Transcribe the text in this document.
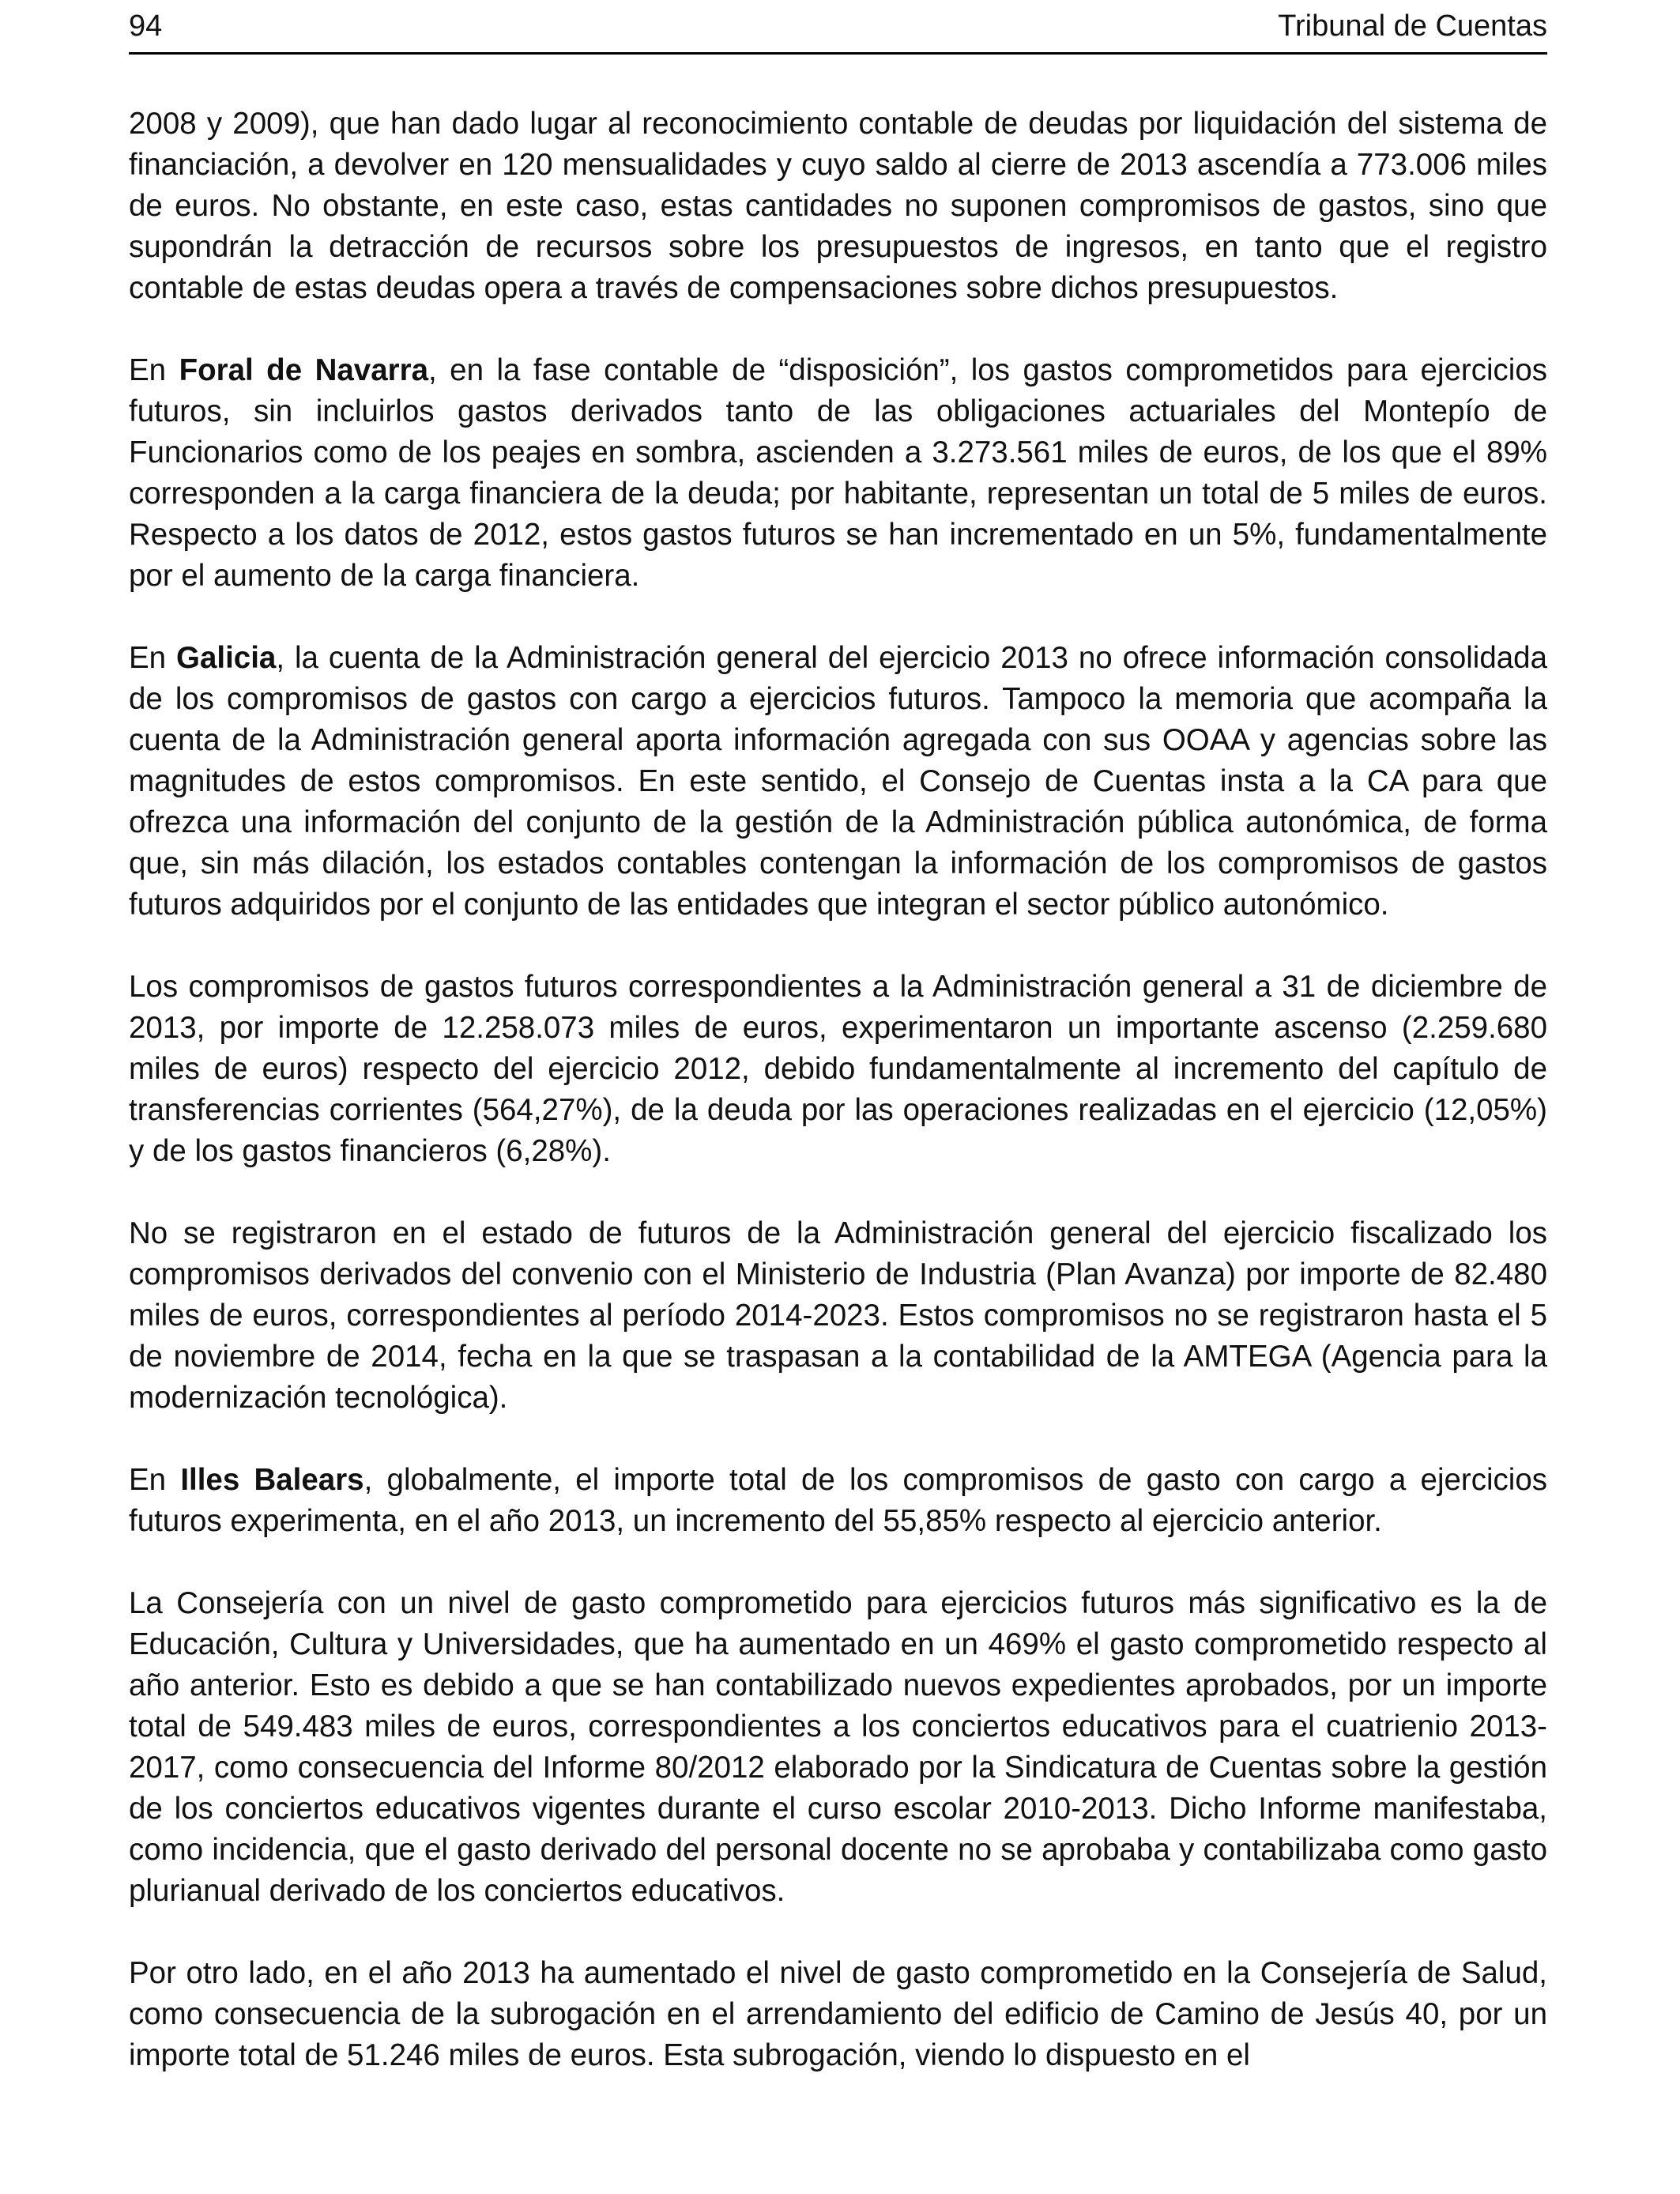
94	Tribunal de Cuentas

2008 y 2009), que han dado lugar al reconocimiento contable de deudas por liquidación del sistema de financiación, a devolver en 120 mensualidades y cuyo saldo al cierre de 2013 ascendía a 773.006 miles de euros. No obstante, en este caso, estas cantidades no suponen compromisos de gastos, sino que supondrán la detracción de recursos sobre los presupuestos de ingresos, en tanto que el registro contable de estas deudas opera a través de compensaciones sobre dichos presupuestos.

En Foral de Navarra, en la fase contable de “disposición”, los gastos comprometidos para ejercicios futuros, sin incluirlos gastos derivados tanto de las obligaciones actuariales del Montepío de Funcionarios como de los peajes en sombra, ascienden a 3.273.561 miles de euros, de los que el 89% corresponden a la carga financiera de la deuda; por habitante, representan un total de 5 miles de euros. Respecto a los datos de 2012, estos gastos futuros se han incrementado en un 5%, fundamentalmente por el aumento de la carga financiera.

En Galicia, la cuenta de la Administración general del ejercicio 2013 no ofrece información consolidada de los compromisos de gastos con cargo a ejercicios futuros. Tampoco la memoria que acompaña la cuenta de la Administración general aporta información agregada con sus OOAA y agencias sobre las magnitudes de estos compromisos. En este sentido, el Consejo de Cuentas insta a la CA para que ofrezca una información del conjunto de la gestión de la Administración pública autonómica, de forma que, sin más dilación, los estados contables contengan la información de los compromisos de gastos futuros adquiridos por el conjunto de las entidades que integran el sector público autonómico.

Los compromisos de gastos futuros correspondientes a la Administración general a 31 de diciembre de 2013, por importe de 12.258.073 miles de euros, experimentaron un importante ascenso (2.259.680 miles de euros) respecto del ejercicio 2012, debido fundamentalmente al incremento del capítulo de transferencias corrientes (564,27%), de la deuda por las operaciones realizadas en el ejercicio (12,05%) y de los gastos financieros (6,28%).

No se registraron en el estado de futuros de la Administración general del ejercicio fiscalizado los compromisos derivados del convenio con el Ministerio de Industria (Plan Avanza) por importe de 82.480 miles de euros, correspondientes al período 2014-2023. Estos compromisos no se registraron hasta el 5 de noviembre de 2014, fecha en la que se traspasan a la contabilidad de la AMTEGA (Agencia para la modernización tecnológica).

En Illes Balears, globalmente, el importe total de los compromisos de gasto con cargo a ejercicios futuros experimenta, en el año 2013, un incremento del 55,85% respecto al ejercicio anterior.

La Consejería con un nivel de gasto comprometido para ejercicios futuros más significativo es la de Educación, Cultura y Universidades, que ha aumentado en un 469% el gasto comprometido respecto al año anterior. Esto es debido a que se han contabilizado nuevos expedientes aprobados, por un importe total de 549.483 miles de euros, correspondientes a los conciertos educativos para el cuatrienio 2013-2017, como consecuencia del Informe 80/2012 elaborado por la Sindicatura de Cuentas sobre la gestión de los conciertos educativos vigentes durante el curso escolar 2010-2013. Dicho Informe manifestaba, como incidencia, que el gasto derivado del personal docente no se aprobaba y contabilizaba como gasto plurianual derivado de los conciertos educativos.

Por otro lado, en el año 2013 ha aumentado el nivel de gasto comprometido en la Consejería de Salud, como consecuencia de la subrogación en el arrendamiento del edificio de Camino de Jesús 40, por un importe total de 51.246 miles de euros. Esta subrogación, viendo lo dispuesto en el
